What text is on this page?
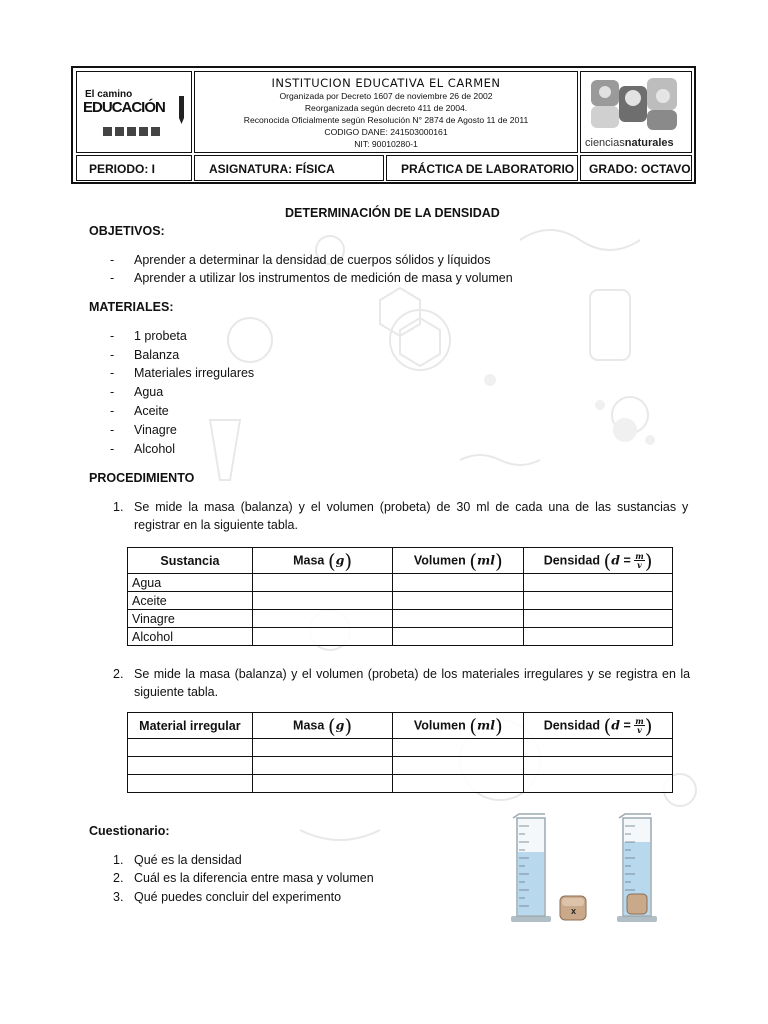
El camino
EDUCACIÓN
INSTITUCION EDUCATIVA EL CARMEN
Organizada por Decreto 1607 de noviembre 26 de 2002
Reorganizada según decreto 411 de 2004.
Reconocida Oficialmente según Resolución N° 2874 de Agosto 11 de 2011
CODIGO DANE: 241503000161
NIT: 90010280-1	cienciasnaturales
PERIODO: I	ASIGNATURA: FÍSICA	PRÁCTICA DE LABORATORIO GRADO: OCTAVO
DETERMINACIÓN DE LA DENSIDAD
OBJETIVOS:
- Aprender a determinar la densidad de cuerpos sólidos y líquidos
- Aprender a utilizar los instrumentos de medición de masa y volumen
MATERIALES:
- 1 probeta
- Balanza
- Materiales irregulares
- Agua
- Aceite
- Vinagre
- Alcohol
PROCEDIMIENTO
1. Se mide la masa (balanza) y el volumen (probeta) de 30 ml de cada una de las sustancias y
registrar en la siguiente tabla.
Sustancia	Masa (g)	Volumen (ml)	Densidad $(d = \frac{m}{v})$
Agua			
Aceite			
Vinagre			
Alcohol			
2. Se mide la masa (balanza) y el volumen (probeta) de los materiales irregulares y se registra en la
siguiente tabla.
Material irregular	Masa (g)	Volumen (ml)	Densidad $(d = \frac{m}{v})$

Cuestionario:
1. Qué es la densidad
2. Cuál es la diferencia entre masa y volumen
3. Qué puedes concluir del experimento
x
